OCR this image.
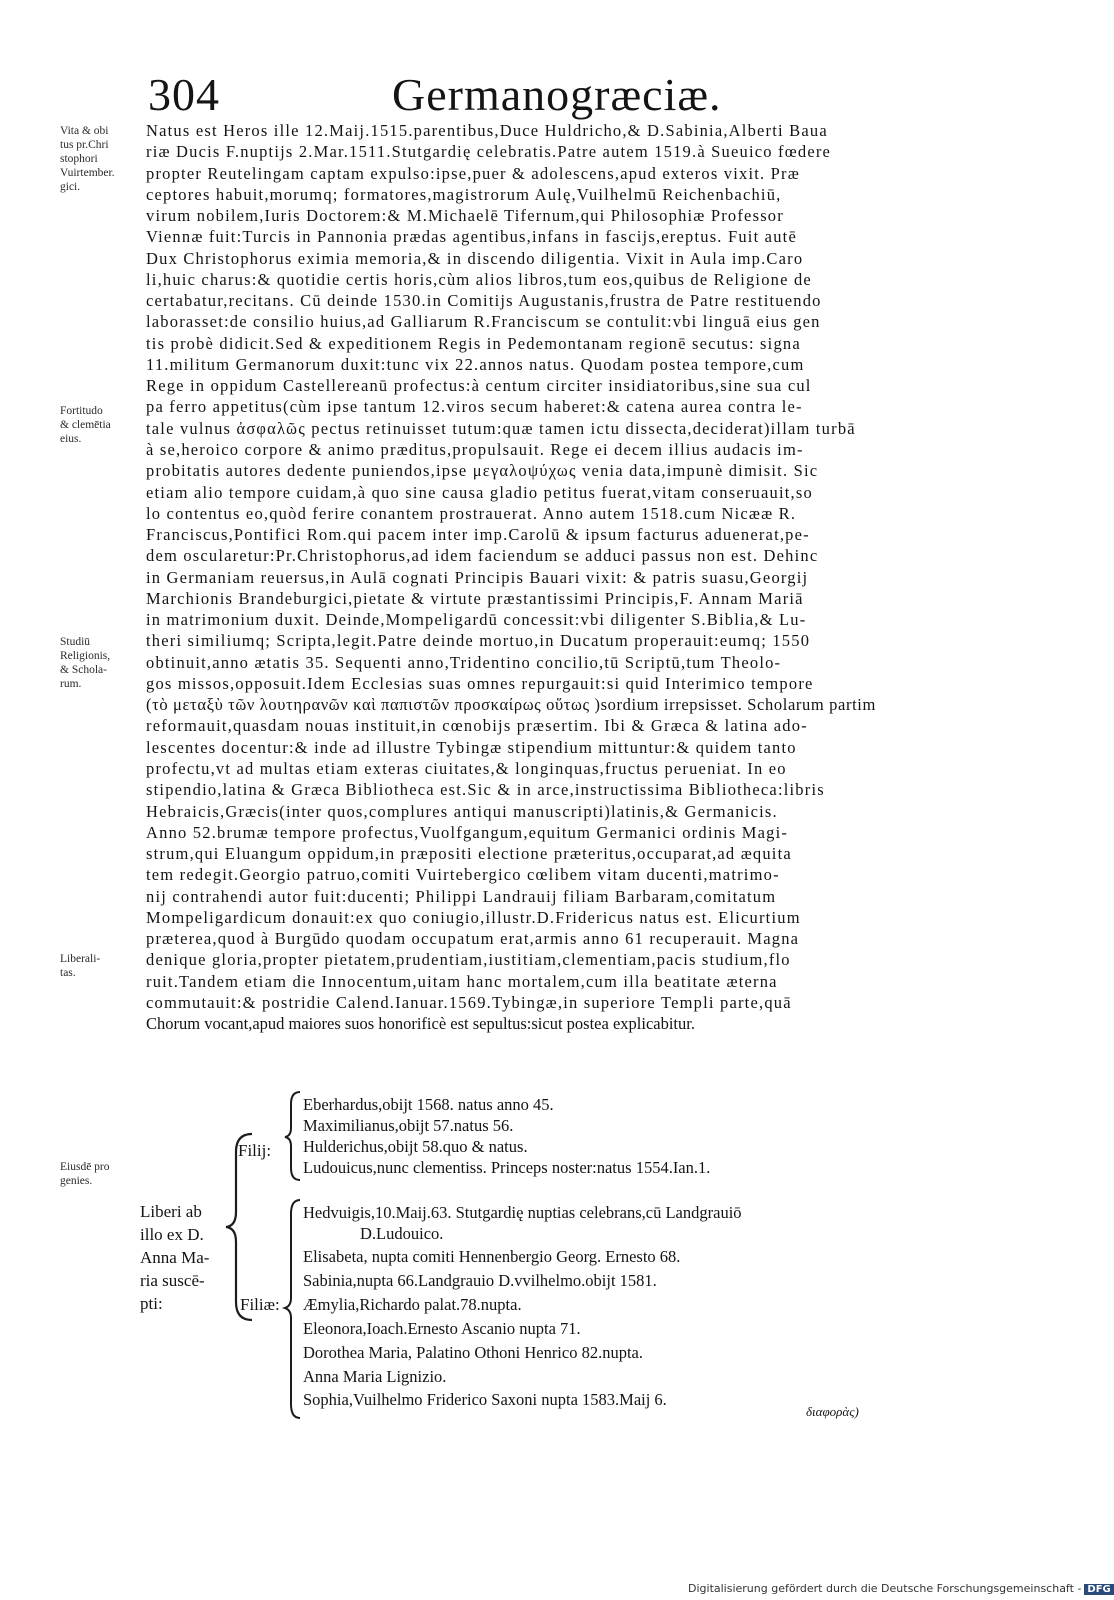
304	Germanogræciæ.
Vita & obi
tus pr.Chri
stophori
Vuirtember.
gici.
Fortitudo
& clemētia
eius.
Studiū
Religionis,
& Schola-
rum.
Liberali-
tas.
Eiusdē pro
genies.
Natus est Heros ille 12.Maij.1515.parentibus,Duce Huldricho,& D.Sabinia,Alberti Baua
riæ Ducis F.nuptijs 2.Mar.1511.Stutgardię celebratis.Patre autem 1519.à Sueuico fœdere
propter Reutelingam captam expulso:ipse,puer & adolescens,apud exteros vixit. Præ
ceptores habuit,morumq; formatores,magistrorum Aulę,Vuilhelmū Reichenbachiū,
virum nobilem,Iuris Doctorem:& M.Michaelē Tifernum,qui Philosophiæ Professor
Viennæ fuit:Turcis in Pannonia prædas agentibus,infans in fascijs,ereptus. Fuit autē
Dux Christophorus eximia memoria,& in discendo diligentia. Vixit in Aula imp.Caro
li,huic charus:& quotidie certis horis,cùm alios libros,tum eos,quibus de Religione de
certabatur,recitans. Cū deinde 1530.in Comitijs Augustanis,frustra de Patre restituendo
laborasset:de consilio huius,ad Galliarum R.Franciscum se contulit:vbi linguā eius gen
tis probè didicit.Sed & expeditionem Regis in Pedemontanam regionē secutus: signa
11.militum Germanorum duxit:tunc vix 22.annos natus. Quodam postea tempore,cum
Rege in oppidum Castellereanū profectus:à centum circiter insidiatoribus,sine sua cul
pa ferro appetitus(cùm ipse tantum 12.viros secum haberet:& catena aurea contra le-
tale vulnus ἀσφαλῶς pectus retinuisset tutum:quæ tamen ictu dissecta,deciderat)illam turbā
à se,heroico corpore & animo præditus,propulsauit. Rege ei decem illius audacis im-
probitatis autores dedente puniendos,ipse μεγαλοψύχως venia data,impunè dimisit. Sic
etiam alio tempore cuidam,à quo sine causa gladio petitus fuerat,vitam conseruauit,so
lo contentus eo,quòd ferire conantem prostrauerat. Anno autem 1518.cum Nicææ R.
Franciscus,Pontifici Rom.qui pacem inter imp.Carolū & ipsum facturus aduenerat,pe-
dem oscularetur:Pr.Christophorus,ad idem faciendum se adduci passus non est. Dehinc
in Germaniam reuersus,in Aulā cognati Principis Bauari vixit: & patris suasu,Georgij
Marchionis Brandeburgici,pietate & virtute præstantissimi Principis,F. Annam Mariā
in matrimonium duxit. Deinde,Mompeligardū concessit:vbi diligenter S.Biblia,& Lu-
theri similiumq; Scripta,legit.Patre deinde mortuo,in Ducatum properauit:eumq; 1550
obtinuit,anno ætatis 35. Sequenti anno,Tridentino concilio,tū Scriptū,tum Theolo-
gos missos,opposuit.Idem Ecclesias suas omnes repurgauit:si quid Interimico tempore
(τὸ μεταξὺ τῶν λουτηρανῶν καὶ παπιστῶν προσκαίρως οὕτως )sordium irrepsisset. Scholarum partim
reformauit,quasdam nouas instituit,in cœnobijs præsertim. Ibi & Græca & latina ado-
lescentes docentur:& inde ad illustre Tybingæ stipendium mittuntur:& quidem tanto
profectu,vt ad multas etiam exteras ciuitates,& longinquas,fructus perueniat. In eo
stipendio,latina & Græca Bibliotheca est.Sic & in arce,instructissima Bibliotheca:libris
Hebraicis,Græcis(inter quos,complures antiqui manuscripti)latinis,& Germanicis.
Anno 52.brumæ tempore profectus,Vuolfgangum,equitum Germanici ordinis Magi-
strum,qui Eluangum oppidum,in præpositi electione præteritus,occuparat,ad æquita
tem redegit.Georgio patruo,comiti Vuirtebergico cœlibem vitam ducenti,matrimo-
nij contrahendi autor fuit:ducenti; Philippi Landrauij filiam Barbaram,comitatum
Mompeligardicum donauit:ex quo coniugio,illustr.D.Fridericus natus est. Elicurtium
præterea,quod à Burgūdo quodam occupatum erat,armis anno 61 recuperauit. Magna
denique gloria,propter pietatem,prudentiam,iustitiam,clementiam,pacis studium,flo
ruit.Tandem etiam die Innocentum,uitam hanc mortalem,cum illa beatitate æterna
commutauit:& postridie Calend.Ianuar.1569.Tybingæ,in superiore Templi parte,quā
Chorum vocant,apud maiores suos honorificè est sepultus:sicut postea explicabitur.
Liberi ab
illo ex D.
Anna Ma-
ria suscē-
pti:
Filij:
Filiæ:
Eberhardus,obijt 1568. natus anno 45.
Maximilianus,obijt 57.natus 56.
Hulderichus,obijt 58.quo & natus.
Ludouicus,nunc clementiss. Princeps noster:natus 1554.Ian.1.
Hedvuigis,10.Maij.63. Stutgardię nuptias celebrans,cū Landgrauiō
D.Ludouico.
Elisabeta, nupta comiti Hennenbergio Georg. Ernesto 68.
Sabinia,nupta 66.Landgrauio D.vvilhelmo.obijt 1581.
Æmylia,Richardo palat.78.nupta.
Eleonora,Ioach.Ernesto Ascanio nupta 71.
Dorothea Maria, Palatino Othoni Henrico 82.nupta.
Anna Maria Lignizio.
Sophia,Vuilhelmo Friderico Saxoni nupta 1583.Maij 6.
διαφορὰς)
Digitalisierung gefördert durch die Deutsche Forschungsgemeinschaft - DFG
